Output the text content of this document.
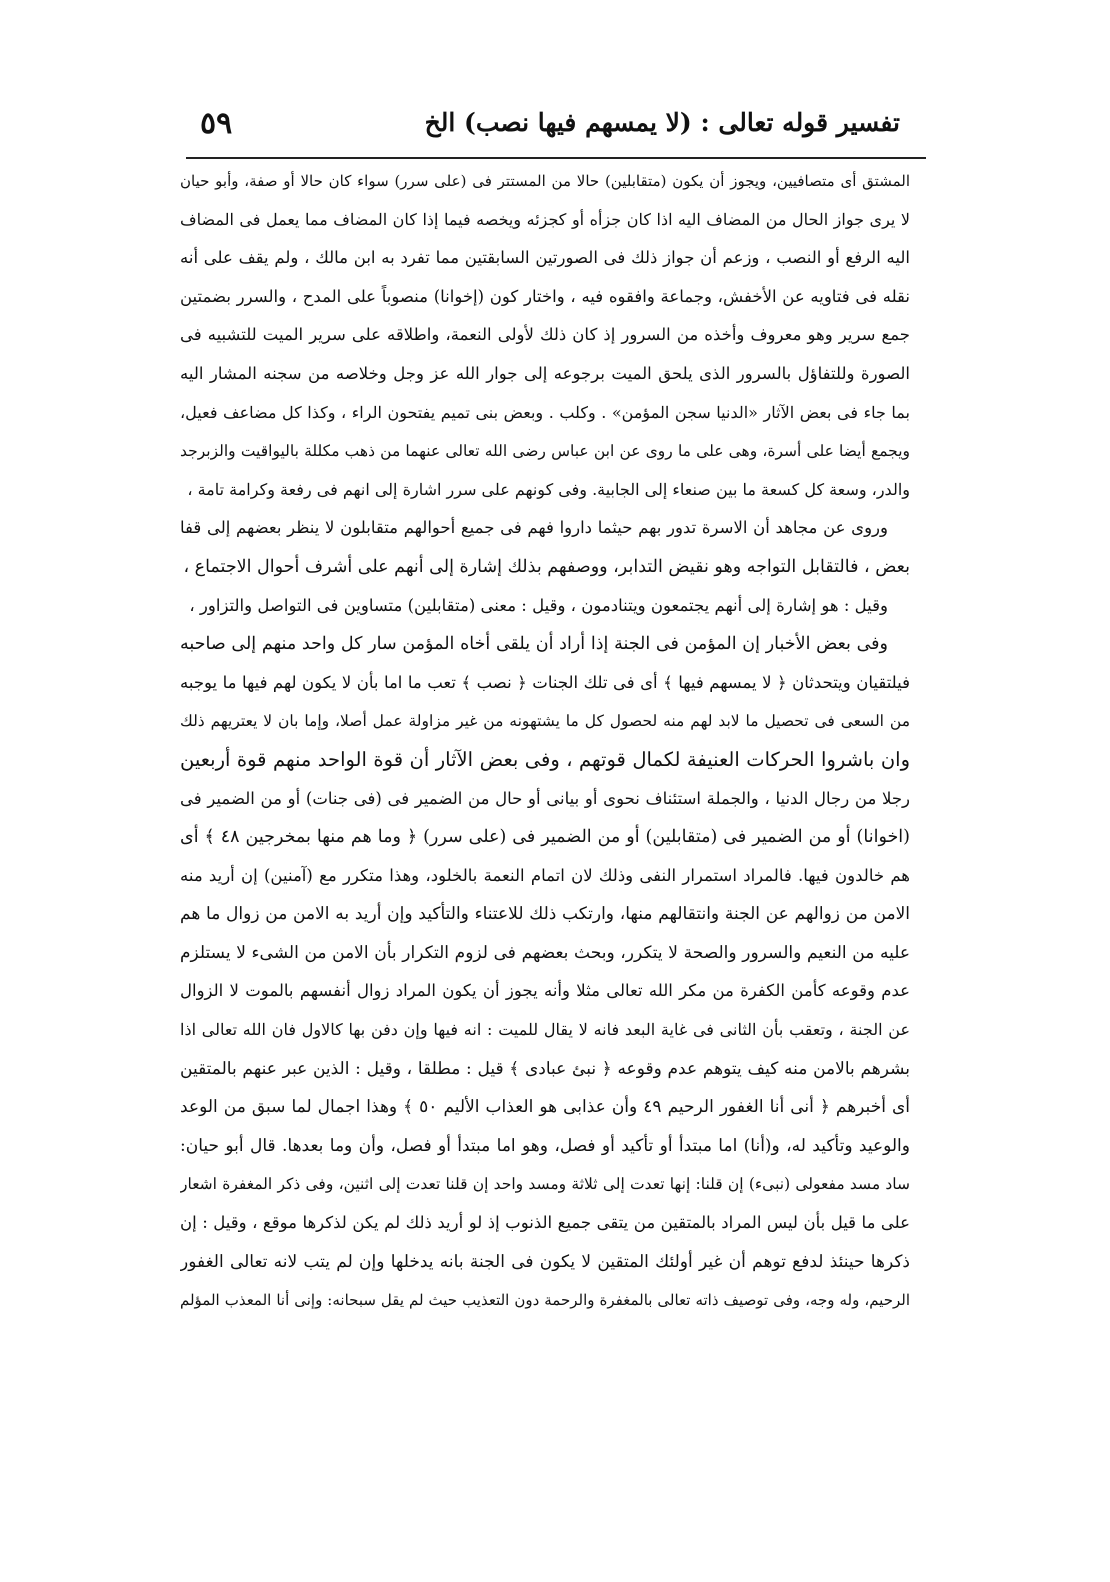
تفسير قوله تعالى : (لا يمسهم فيها نصب) الخ
٥٩
المشتق أى متصافيين، ويجوز أن يكون (متقابلين) حالا من المستتر فى (على سرر) سواء كان حالا أو صفة، وأبو حيان
لا يرى جواز الحال من المضاف اليه اذا كان جزأه أو كجزئه ويخصه فيما إذا كان المضاف مما يعمل فى المضاف
اليه الرفع أو النصب ، وزعم أن جواز ذلك فى الصورتين السابقتين مما تفرد به ابن مالك ، ولم يقف على أنه
نقله فى فتاويه عن الأخفش، وجماعة وافقوه فيه ، واختار كون (إخوانا) منصوباً على المدح ، والسرر بضمتين
جمع سرير وهو معروف وأخذه من السرور إذ كان ذلك لأولى النعمة، واطلاقه على سرير الميت للتشبيه فى
الصورة وللتفاؤل بالسرور الذى يلحق الميت برجوعه إلى جوار الله عز وجل وخلاصه من سجنه المشار اليه
بما جاء فى بعض الآثار «الدنيا سجن المؤمن» . وكلب . وبعض بنى تميم يفتحون الراء ، وكذا كل مضاعف فعيل،
ويجمع أيضا على أسرة، وهى على ما روى عن ابن عباس رضى الله تعالى عنهما من ذهب مكللة باليواقيت والزبرجد
والدر، وسعة كل كسعة ما بين صنعاء إلى الجابية. وفى كونهم على سرر اشارة إلى انهم فى رفعة وكرامة تامة ،
وروى عن مجاهد أن الاسرة تدور بهم حيثما داروا فهم فى جميع أحوالهم متقابلون لا ينظر بعضهم إلى قفا
بعض ، فالتقابل التواجه وهو نقيض التدابر، ووصفهم بذلك إشارة إلى أنهم على أشرف أحوال الاجتماع ،
وقيل : هو إشارة إلى أنهم يجتمعون ويتنادمون ، وقيل : معنى (متقابلين) متساوين فى التواصل والتزاور ،
وفى بعض الأخبار إن المؤمن فى الجنة إذا أراد أن يلقى أخاه المؤمن سار كل واحد منهم إلى صاحبه
فيلتقيان ويتحدثان ﴿ لا يمسهم فيها ﴾ أى فى تلك الجنات ﴿ نصب ﴾ تعب ما اما بأن لا يكون لهم فيها ما يوجبه
من السعى فى تحصيل ما لابد لهم منه لحصول كل ما يشتهونه من غير مزاولة عمل أصلا، وإما بان لا يعتريهم ذلك
وان باشروا الحركات العنيفة لكمال قوتهم ، وفى بعض الآثار أن قوة الواحد منهم قوة أربعين
رجلا من رجال الدنيا ، والجملة استئناف نحوى أو بيانى أو حال من الضمير فى (فى جنات) أو من الضمير فى
(اخوانا) أو من الضمير فى (متقابلين) أو من الضمير فى (على سرر) ﴿ وما هم منها بمخرجين ٤٨ ﴾ أى
هم خالدون فيها. فالمراد استمرار النفى وذلك لان اتمام النعمة بالخلود، وهذا متكرر مع (آمنين) إن أريد منه
الامن من زوالهم عن الجنة وانتقالهم منها، وارتكب ذلك للاعتناء والتأكيد وإن أريد به الامن من زوال ما هم
عليه من النعيم والسرور والصحة لا يتكرر، وبحث بعضهم فى لزوم التكرار بأن الامن من الشىء لا يستلزم
عدم وقوعه كأمن الكفرة من مكر الله تعالى مثلا وأنه يجوز أن يكون المراد زوال أنفسهم بالموت لا الزوال
عن الجنة ، وتعقب بأن الثانى فى غاية البعد فانه لا يقال للميت : انه فيها وإن دفن بها كالاول فان الله تعالى اذا
بشرهم بالامن منه كيف يتوهم عدم وقوعه ﴿ نبئ عبادى ﴾ قيل : مطلقا ، وقيل : الذين عبر عنهم بالمتقين
أى أخبرهم ﴿ أنى أنا الغفور الرحيم ٤٩ وأن عذابى هو العذاب الأليم ٥٠ ﴾ وهذا اجمال لما سبق من الوعد
والوعيد وتأكيد له، و(أنا) اما مبتدأ أو تأكيد أو فصل، وهو اما مبتدأ أو فصل، وأن وما بعدها. قال أبو حيان:
ساد مسد مفعولى (نبىء) إن قلنا: إنها تعدت إلى ثلاثة ومسد واحد إن قلنا تعدت إلى اثنين، وفى ذكر المغفرة اشعار
على ما قيل بأن ليس المراد بالمتقين من يتقى جميع الذنوب إذ لو أريد ذلك لم يكن لذكرها موقع ، وقيل : إن
ذكرها حينئذ لدفع توهم أن غير أولئك المتقين لا يكون فى الجنة بانه يدخلها وإن لم يتب لانه تعالى الغفور
الرحيم، وله وجه، وفى توصيف ذاته تعالى بالمغفرة والرحمة دون التعذيب حيث لم يقل سبحانه: وإنى أنا المعذب المؤلم
